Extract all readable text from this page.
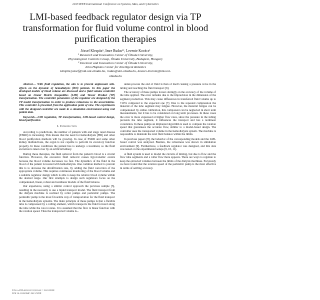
2013 IEEE International Conference on Systems, Man, and Cybernetics
LMI-based feedback regulator design via TP transformation for fluid volume control in blood purification therapies
József Klespitz¹, Imre Rudas¹², Levente Kovács¹
¹ Research and Innovation Center of Óbuda University,
Physiological Controls Group, Óbuda University, Budapest, Hungary
² Doctoral and Innovation Center of Óbuda University,
John Hopkins Center for Intelligent Robotics
klespitz.jozsef@nik.uni-obuda.hu, rudas@uni-obuda.hu, kovacs.levente@nik.uni-obuda.hu

Abstract— With fluid regulation, the aim is to prevent unpleasant side-effects on the dynamic of hemodialysis (HD) patients. In this paper the developed models of blood volume are discussed and a fluid volume controller based on Linear Matrix Inequalities (LMI) and Tensor Product (TP) transformation. The controller parameters of the regulator are designed by the TP model transformation in order to produce robustness to the uncertainties. This controller is presented from the application point of view. The experiments with the designed controller are made in a simulation environment using real patient data.

Keywords—LMI regulation, TP transformation, LMI-based control design, blood purification

I. Introduction

According to predictions, the number of patients with end stage renal disease (ESRD) is increasing. This means that the need for hemodialysis (HD) and other blood purification methods will be growing. In case of ESRD and some other kidney malfunctions, the organ is not capable to perform its excretory function properly. In these conditions the patient has to undergo a treatment, so the fluid excretion is taken over by an artificial kidney.

During these therapies, the fluid removal from the patient's blood is a crucial function. However, the excessive fluid removal causes hypovolemic events because the blood volume decreases too fast. The dynamics of the fluid in the blood of the patient is treated with hemodialysis. One common method to prevent this is to decrease the ultrafiltration rate, by adding the fluid correction of the appropriate volume. This requires continuous monitoring of the blood volume and a suitable regulator design which is able to keep the relative blood volume within the desired range. Our first attempts to design such regulators focus on the compensated, linear, robust and nonlinear models of the fluid balance.

Our experience, using a similar control approach the previous sample [5], resulting in the necessity to use a liquid transport model. The fluid transport from the dialysis machine is realized by roller pumps and peristaltic pumps. The peristaltic pump is the most favorable way of transportation for the fluid transport in the hemodialysis systems. The main principle of these pumps is that a flexible tube is compressed by a rolling element, which transports the fluid forward along the tube while the rotor rotates. It is assumed that the flow is linear function with the rotation speed. Thus the transported volume is...

under-process the end of fluid is then of itself causing a pressure wave in the tubing and reaching the fluid transport [6].

The accuracy of these pumps lowers daringly on the accuracy of the volume of the tube applied. The error remains due to the imprecision in the dimension of the segment production. This may cause differences in transferred fluid volume up to ±10% compared to the expected one [7]. Due to the repeated compression the material of the tube segment may fatigue. However, the material fatigue can be compensated by online calibration, this component can be neglected in short term measurements, but it has to be considered on long term processes. In these cases the error is more expressed at higher flow rates, since the pressure in the tubing prevents the tube segment, it influences the transport and has a nonlinear correlation. In these pumps an implanted algorithm is used to compute the rotation speed that guarantees the accurate flow, similar to a model-based design. The controller uses the transported volume in the hemodialysis system. The machine is responsible to maintain the total fluid balance within the limits.

In previous papers [8], the behavior of the corresponding models and the LMI-based control was analyzed. Besides, the robustness was shown in simulation environment [9]. Furthermore, a feedback regulator was designed, and this data was tested on the experimental setups (9, 10, 11).

A fluid system is used to model the circuits of mixing, but due to flow and the flow tube segments and a roller flow there appears. There are ways to regulate to keep the extracted volumes between the limits of the dialysis machines. Previously we have found that the rotation speed of the peristaltic pump is the most effective in terms of settling accuracy.

978-1-4799-0652-9/13 $31.00 © 2013 IEEE
DOI 10.1109/SMC.2013.XXX
